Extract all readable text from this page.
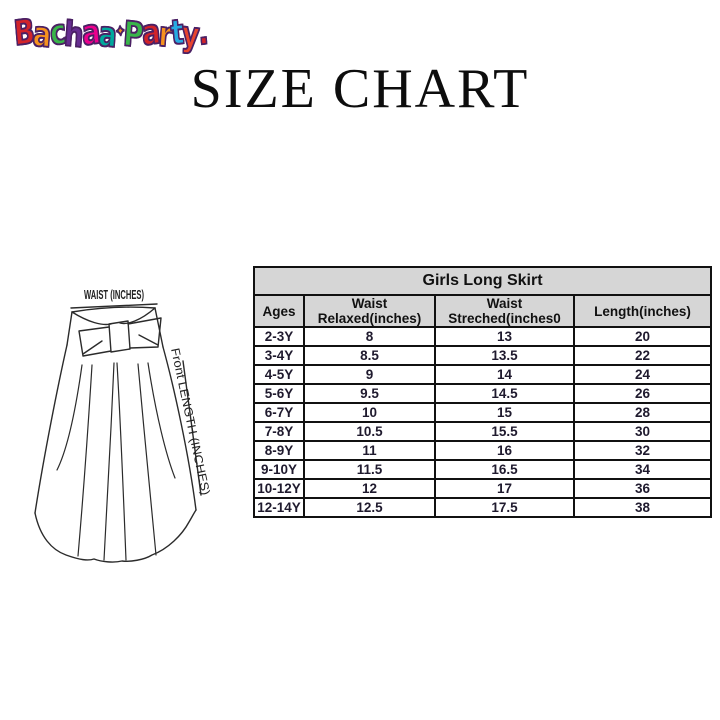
Bachaa✦Party.
SIZE CHART
WAIST (INCHES)
Front LENGTH (INCHES)
Girls Long Skirt			
Ages	Waist Relaxed(inches)	Waist Streched(inches0	Length(inches)
2-3Y	8	13	20
3-4Y	8.5	13.5	22
4-5Y	9	14	24
5-6Y	9.5	14.5	26
6-7Y	10	15	28
7-8Y	10.5	15.5	30
8-9Y	11	16	32
9-10Y	11.5	16.5	34
10-12Y	12	17	36
12-14Y	12.5	17.5	38
